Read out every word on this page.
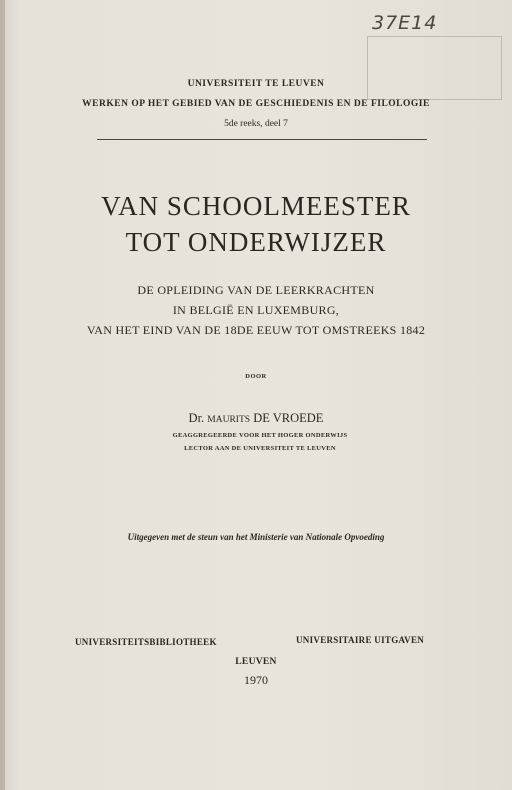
37E14
UNIVERSITEIT TE LEUVEN
WERKEN OP HET GEBIED VAN DE GESCHIEDENIS EN DE FILOLOGIE
5de reeks, deel 7
VAN SCHOOLMEESTER
TOT ONDERWIJZER
DE OPLEIDING VAN DE LEERKRACHTEN
IN BELGIË EN LUXEMBURG,
VAN HET EIND VAN DE 18DE EEUW TOT OMSTREEKS 1842
DOOR
Dr. MAURITS DE VROEDE
GEAGGREGEERDE VOOR HET HOGER ONDERWIJS
LECTOR AAN DE UNIVERSITEIT TE LEUVEN
Uitgegeven met de steun van het Ministerie van Nationale Opvoeding
UNIVERSITEITSBIBLIOTHEEK	UNIVERSITAIRE UITGAVEN
LEUVEN
1970
